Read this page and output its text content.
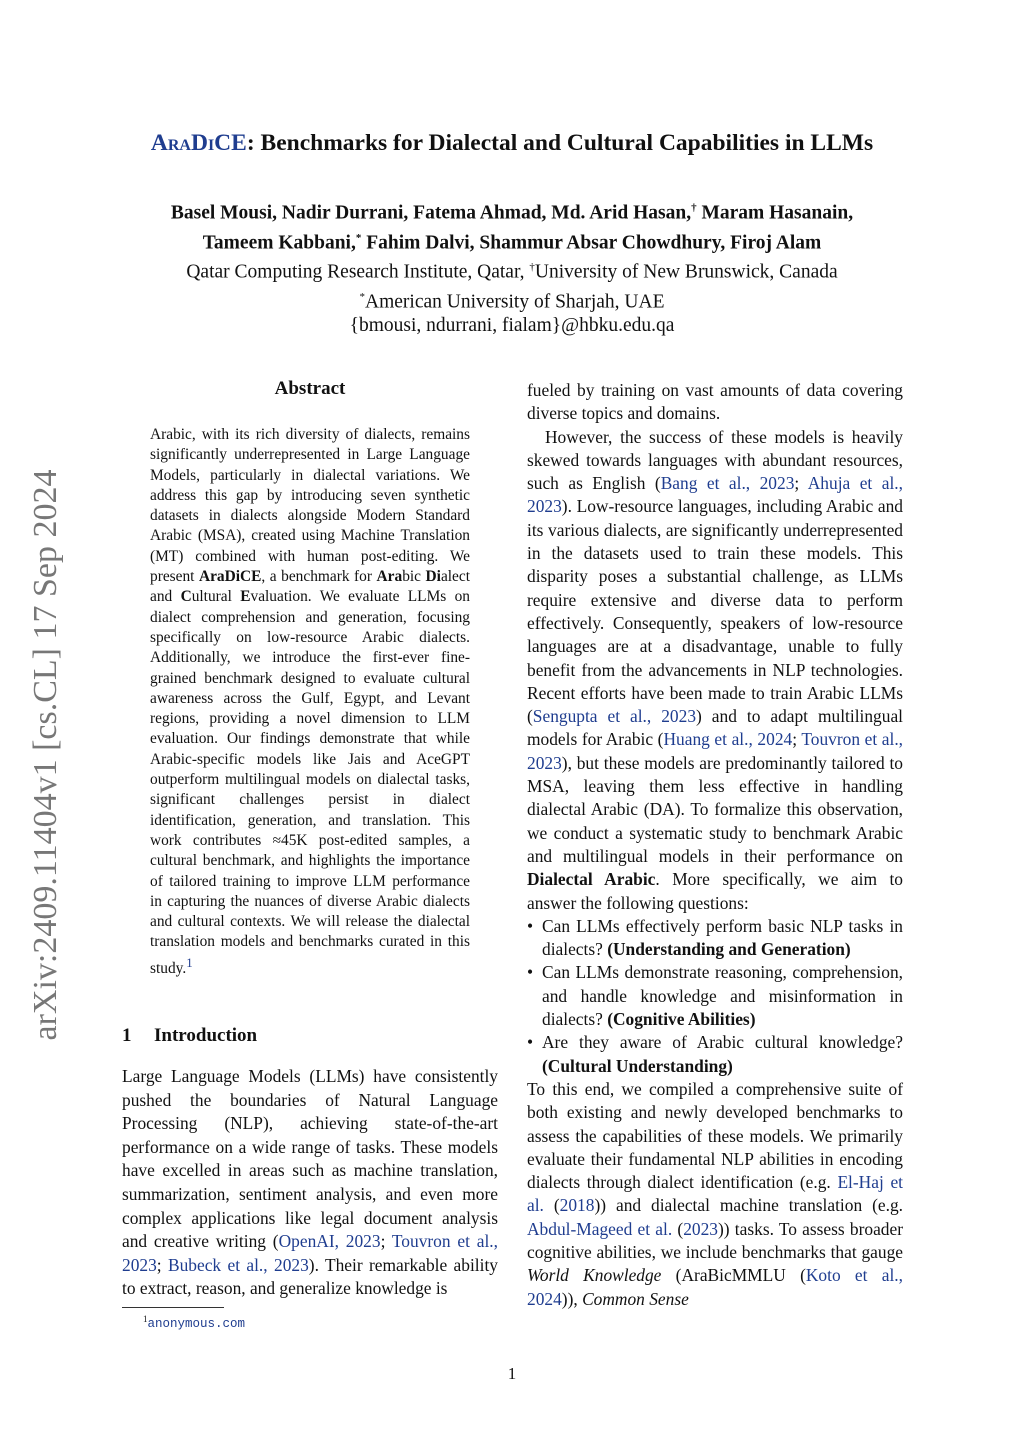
arXiv:2409.11404v1 [cs.CL] 17 Sep 2024
AraDiCE: Benchmarks for Dialectal and Cultural Capabilities in LLMs
Basel Mousi, Nadir Durrani, Fatema Ahmad, Md. Arid Hasan,† Maram Hasanain,
Tameem Kabbani,* Fahim Dalvi, Shammur Absar Chowdhury, Firoj Alam
Qatar Computing Research Institute, Qatar, †University of New Brunswick, Canada
*American University of Sharjah, UAE
{bmousi, ndurrani, fialam}@hbku.edu.qa
Abstract
Arabic, with its rich diversity of dialects, remains significantly underrepresented in Large Language Models, particularly in dialectal variations. We address this gap by introducing seven synthetic datasets in dialects alongside Modern Standard Arabic (MSA), created using Machine Translation (MT) combined with human post-editing. We present AraDiCE, a benchmark for Arabic Dialect and Cultural Evaluation. We evaluate LLMs on dialect comprehension and generation, focusing specifically on low-resource Arabic dialects. Additionally, we introduce the first-ever fine-grained benchmark designed to evaluate cultural awareness across the Gulf, Egypt, and Levant regions, providing a novel dimension to LLM evaluation. Our findings demonstrate that while Arabic-specific models like Jais and AceGPT outperform multilingual models on dialectal tasks, significant challenges persist in dialect identification, generation, and translation. This work contributes ≈45K post-edited samples, a cultural benchmark, and highlights the importance of tailored training to improve LLM performance in capturing the nuances of diverse Arabic dialects and cultural contexts. We will release the dialectal translation models and benchmarks curated in this study.$^1$
1 Introduction
Large Language Models (LLMs) have consistently pushed the boundaries of Natural Language Processing (NLP), achieving state-of-the-art performance on a wide range of tasks. These models have excelled in areas such as machine translation, summarization, sentiment analysis, and even more complex applications like legal document analysis and creative writing (OpenAI, 2023; Touvron et al., 2023; Bubeck et al., 2023). Their remarkable ability to extract, reason, and generalize knowledge is
$^1$anonymous.com

fueled by training on vast amounts of data covering diverse topics and domains.

However, the success of these models is heavily skewed towards languages with abundant resources, such as English (Bang et al., 2023; Ahuja et al., 2023). Low-resource languages, including Arabic and its various dialects, are significantly underrepresented in the datasets used to train these models. This disparity poses a substantial challenge, as LLMs require extensive and diverse data to perform effectively. Consequently, speakers of low-resource languages are at a disadvantage, unable to fully benefit from the advancements in NLP technologies. Recent efforts have been made to train Arabic LLMs (Sengupta et al., 2023) and to adapt multilingual models for Arabic (Huang et al., 2024; Touvron et al., 2023), but these models are predominantly tailored to MSA, leaving them less effective in handling dialectal Arabic (DA). To formalize this observation, we conduct a systematic study to benchmark Arabic and multilingual models in their performance on Dialectal Arabic. More specifically, we aim to answer the following questions:

• Can LLMs effectively perform basic NLP tasks in dialects? (Understanding and Generation)
• Can LLMs demonstrate reasoning, comprehension, and handle knowledge and misinformation in dialects? (Cognitive Abilities)
• Are they aware of Arabic cultural knowledge? (Cultural Understanding)

To this end, we compiled a comprehensive suite of both existing and newly developed benchmarks to assess the capabilities of these models. We primarily evaluate their fundamental NLP abilities in encoding dialects through dialect identification (e.g. El-Haj et al. (2018)) and dialectal machine translation (e.g. Abdul-Mageed et al. (2023)) tasks. To assess broader cognitive abilities, we include benchmarks that gauge World Knowledge (AraBicMMLU (Koto et al., 2024)), Common Sense

1
